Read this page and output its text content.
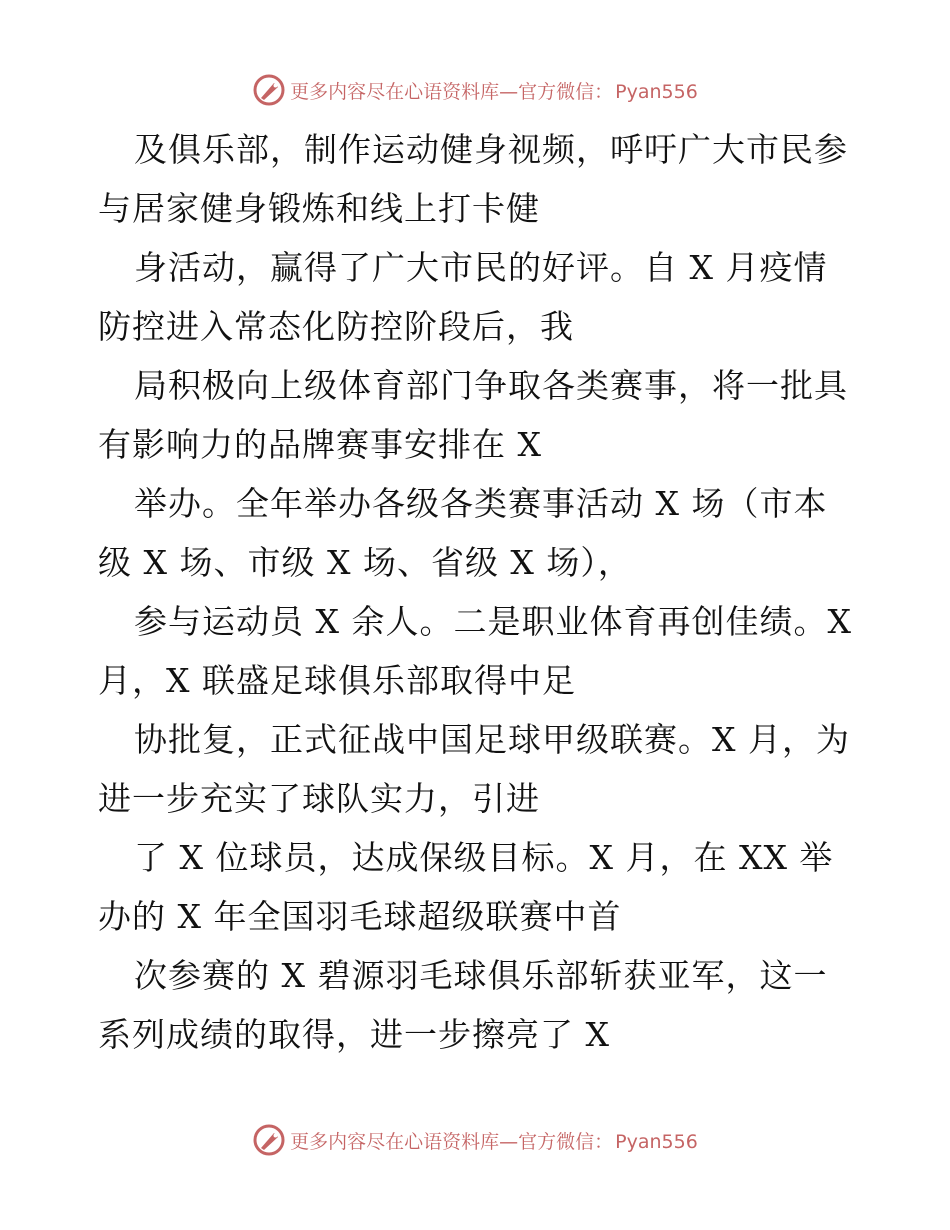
更多内容尽在心语资料库—官方微信： Pyan556
及俱乐部，制作运动健身视频，呼吁广大市民参
与居家健身锻炼和线上打卡健
身活动，赢得了广大市民的好评。自 X 月疫情
防控进入常态化防控阶段后，我
局积极向上级体育部门争取各类赛事，将一批具
有影响力的品牌赛事安排在 X
举办。全年举办各级各类赛事活动 X 场（市本
级 X 场、市级 X 场、省级 X 场），
参与运动员 X 余人。二是职业体育再创佳绩。X
月，X 联盛足球俱乐部取得中足
协批复，正式征战中国足球甲级联赛。X 月，为
进一步充实了球队实力，引进
了 X 位球员，达成保级目标。X 月，在 XX 举
办的 X 年全国羽毛球超级联赛中首
次参赛的 X 碧源羽毛球俱乐部斩获亚军，这一
系列成绩的取得，进一步擦亮了 X
更多内容尽在心语资料库—官方微信： Pyan556
